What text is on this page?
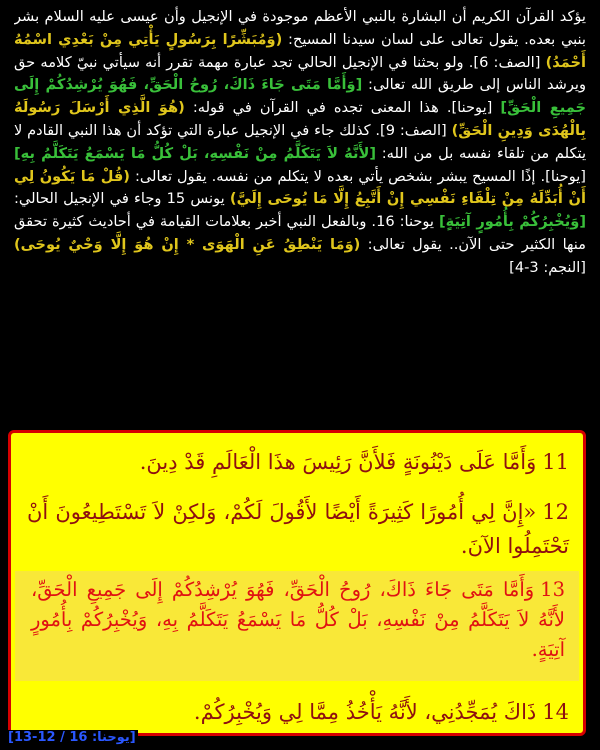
يؤكد القرآن الكريم أن البشارة بالنبي الأعظم موجودة في الإنجيل وأن عيسى عليه السلام بشر بنبي بعده. يقول تعالى على لسان سيدنا المسيح: (وَمُبَشِّرًا بِرَسُولٍ يَأْتِي مِنْ بَعْدِي اسْمُهُ أَحْمَدُ) [الصف: 6]. ولو بحثنا في الإنجيل الحالي تجد عبارة مهمة تقرر أنه سيأتي نبيّ كلامه حق ويرشد الناس إلى طريق الله تعالى: [وَأَمَّا مَتَى جَاءَ ذَاكَ، رُوحُ الْحَقِّ، فَهُوَ يُرْشِدُكُمْ إِلَى جَمِيعِ الْحَقِّ] [يوحنا]. هذا المعنى تجده في القرآن في قوله: (هُوَ الَّذِي أَرْسَلَ رَسُولَهُ بِالْهُدَى وَدِينِ الْحَقِّ) [الصف: 9]. كذلك جاء في الإنجيل عبارة التي تؤكد أن هذا النبي القادم لا يتكلم من تلقاء نفسه بل من الله: [لأَنَّهُ لاَ يَتَكَلَّمُ مِنْ نَفْسِهِ، بَلْ كُلُّ مَا يَسْمَعُ يَتَكَلَّمُ بِهِ] [يوحنا]. إذًا المسيح يبشر بشخص يأتي بعده لا يتكلم من نفسه. يقول تعالى: (قُلْ مَا يَكُونُ لِي أَنْ أُبَدِّلَهُ مِنْ تِلْقَاءِ نَفْسِي إِنْ أَتَّبِعُ إِلَّا مَا يُوحَى إِلَيَّ) يونس 15 وجاء في الإنجيل الحالي: [وَيُخْبِرُكُمْ بِأُمُورٍ آتِيَةٍ] يوحنا: 16. وبالفعل النبي أخبر بعلامات القيامة في أحاديث كثيرة تحقق منها الكثير حتى الآن.. يقول تعالى: (وَمَا يَنْطِقُ عَنِ الْهَوَى * إِنْ هُوَ إِلَّا وَحْيٌ يُوحَى) [النجم: 3-4]

11وَأَمَّا عَلَى دَيْنُونَةٍ فَلأَنَّ رَئِيسَ هذَا الْعَالَمِ قَدْ دِينَ.
12«إِنَّ لِي أُمُورًا كَثِيرَةً أَيْضًا لأَقُولَ لَكُمْ، وَلكِنْ لاَ تَسْتَطِيعُونَ أَنْ تَحْتَمِلُوا الآنَ.
13وَأَمَّا مَتَى جَاءَ ذَاكَ، رُوحُ الْحَقِّ، فَهُوَ يُرْشِدُكُمْ إِلَى جَمِيعِ الْحَقِّ، لأَنَّهُ لاَ يَتَكَلَّمُ مِنْ نَفْسِهِ، بَلْ كُلُّ مَا يَسْمَعُ يَتَكَلَّمُ بِهِ، وَيُخْبِرُكُمْ بِأُمُورٍ آتِيَةٍ.
14ذَاكَ يُمَجِّدُنِي، لأَنَّهُ يَأْخُذُ مِمَّا لِي وَيُخْبِرُكُمْ.
[يوحنا: 16 / 12-13]
